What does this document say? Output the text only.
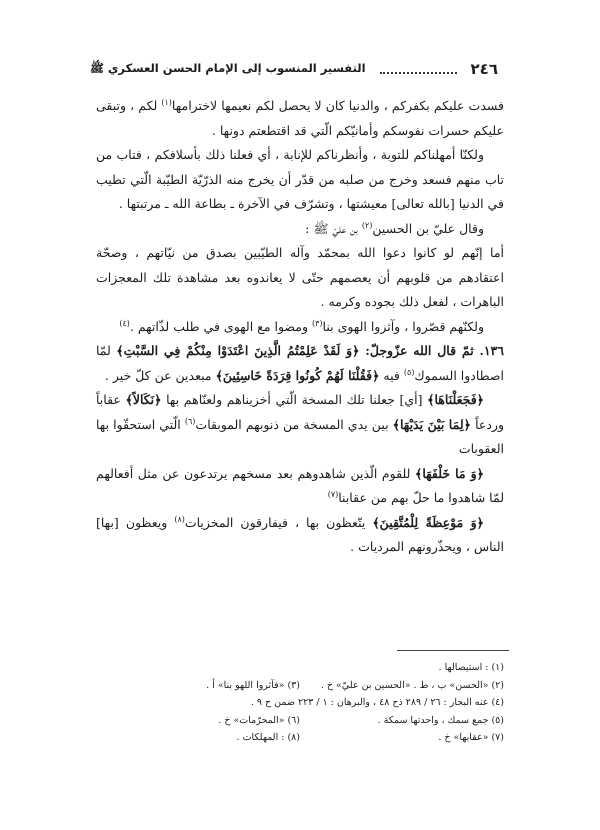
٢٤٦
التفسير المنسوب إلى الإمام الحسن العسكري ﷺ

فسدت عليكم بكفركم ، والدنيا كان لا يحصل لكم نعيمها لاخترامها$^{(١)}$ لكم ، وتبقى عليكم حسرات نفوسكم وأمانيّكم الّتي قد اقتطعتم دونها .

ولكنّا أمهلناكم للتوبة ، وأنظرناكم للإنابة ، أي فعلنا ذلك بأسلافكم ، فتاب من تاب منهم فسعد وخرج من صلبه من قدّر أن يخرج منه الذرّيّة الطيّبة الّتي تطيب في الدنيا [بالله تعالى] معيشتها ، وتشرّف في الآخرة ـ بطاعة الله ـ مرتبتها .

وقال عليّ بن الحسين$^{(٢)}$ بن عليّ ﷺ :

أما إنّهم لو كانوا دعوا الله بمحمّد وآله الطيّبين بصدق من نيّاتهم ، وصحّة اعتقادهم من قلوبهم أن يعصمهم حتّى لا يعاندوه بعد مشاهدة تلك المعجزات الباهرات ، لفعل ذلك بجوده وكرمه .

ولكنّهم قصّروا ، وآثروا الهوى بنا$^{(٣)}$ ومضوا مع الهوى في طلب لذّاتهم .$^{(٤)}$

١٣٦. ثمّ قال الله عزّوجلّ: ﴿وَ لَقَدْ عَلِمْتُمُ الَّذِينَ اعْتَدَوْا مِنْكُمْ فِي السَّبْتِ﴾ لمّا اصطادوا السموك$^{(٥)}$ فيه ﴿فَقُلْنَا لَهُمْ كُونُوا قِرَدَةً خَاسِئِينَ﴾ مبعدين عن كلّ خير .

﴿فَجَعَلْنَاهَا﴾ [أي] جعلنا تلك المسخة الّتي أخزيناهم ولعنّاهم بها ﴿نَكَالاً﴾ عقاباً وردعاً ﴿لِمَا بَيْنَ يَدَيْهَا﴾ بين يدي المسخة من ذنوبهم الموبقات$^{(٦)}$ الّتي استحقّوا بها العقوبات

﴿وَ مَا خَلْفَهَا﴾ للقوم الّذين شاهدوهم بعد مسخهم يرتدعون عن مثل أفعالهم لمّا شاهدوا ما حلّ بهم من عقابنا$^{(٧)}$

﴿وَ مَوْعِظَةً لِلْمُتَّقِينَ﴾ يتّعظون بها ، فيفارقون المخزيات$^{(٨)}$ ويعظون [بها] الناس ، ويحذّرونهم المرديات .

(١) : استيصالها .
(٢) «الحسن» ب ، ط . «الحسين بن عليّ» خ .
(٣) «فآثروا اللهو بنا» أ .
(٤) عنه البحار : ٢٦ / ٢٨٩ ذح ٤٨ ، والبرهان : ١ / ٢٢٣ ضمن ح ٩ .
(٥) جمع سمك ، واحدتها سمكة .
(٦) «المحرّمات» خ .
(٧) «عقابها» خ .
(٨) : المهلكات .
